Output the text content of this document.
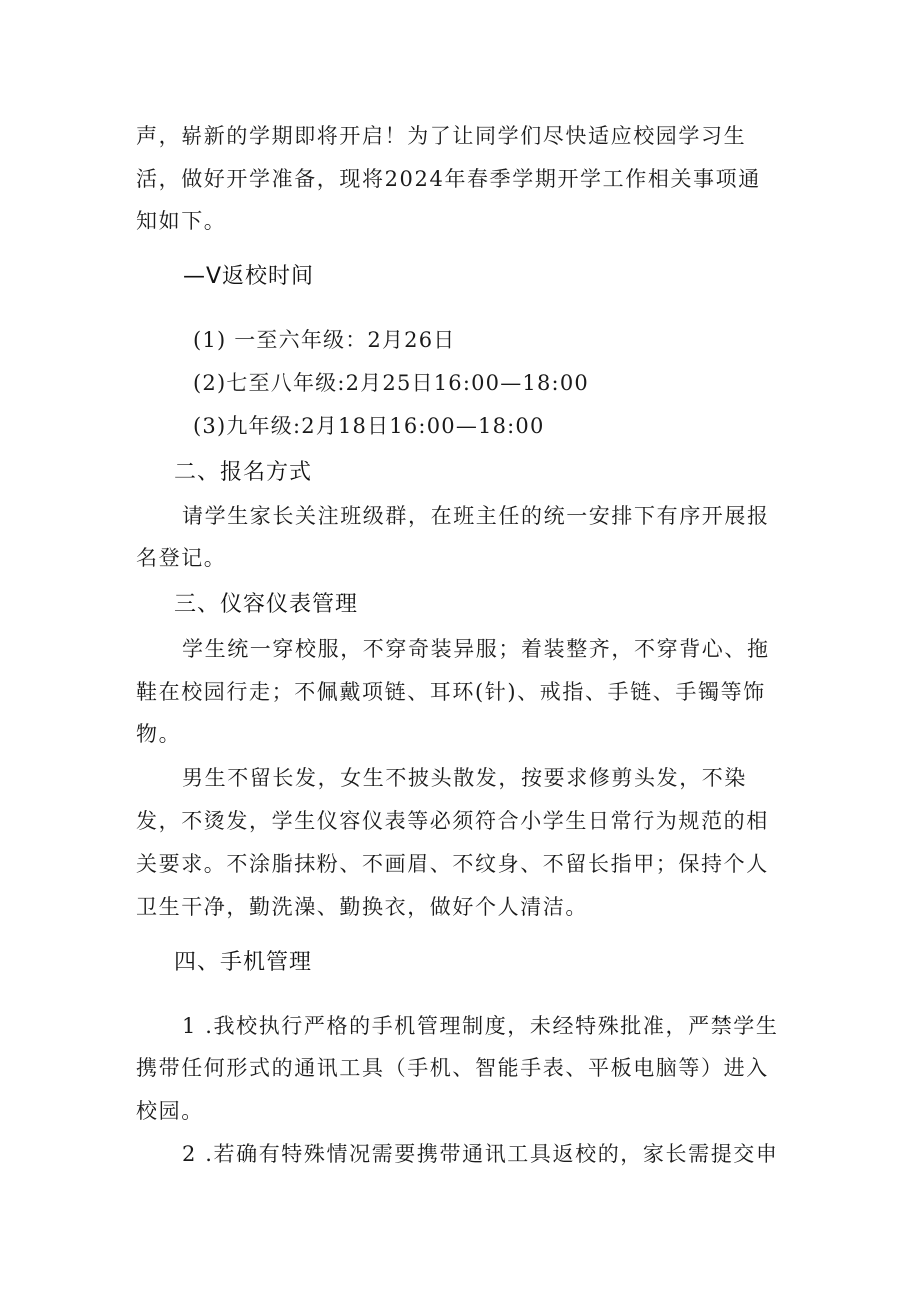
声，崭新的学期即将开启！为了让同学们尽快适应校园学习生
活，做好开学准备，现将2024年春季学期开学工作相关事项通
知如下。
—V返校时间
(1) 一至六年级：2月26日
(2)七至八年级:2月25日16:00—18:00
(3)九年级:2月18日16:00—18:00
二、报名方式
请学生家长关注班级群，在班主任的统一安排下有序开展报
名登记。
三、仪容仪表管理
学生统一穿校服，不穿奇装异服；着装整齐，不穿背心、拖
鞋在校园行走；不佩戴项链、耳环(针)、戒指、手链、手镯等饰
物。
男生不留长发，女生不披头散发，按要求修剪头发，不染
发，不烫发，学生仪容仪表等必须符合小学生日常行为规范的相
关要求。不涂脂抹粉、不画眉、不纹身、不留长指甲；保持个人
卫生干净，勤洗澡、勤换衣，做好个人清洁。
四、手机管理
1 .我校执行严格的手机管理制度，未经特殊批准，严禁学生
携带任何形式的通讯工具（手机、智能手表、平板电脑等）进入
校园。
2 .若确有特殊情况需要携带通讯工具返校的，家长需提交申
